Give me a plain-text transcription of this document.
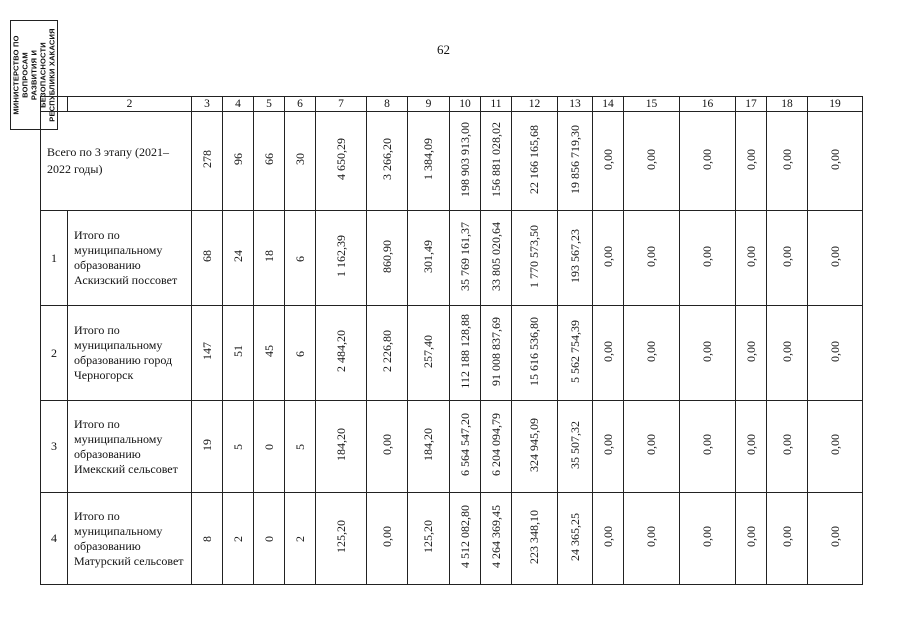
62
МИНИСТЕРСТВО ПО ВОПРОСАМ РАЗВИТИЯ И БЕЗОПАСНОСТИ РЕСПУБЛИКИ ХАКАСИЯ
		2	3	4	5	6	7	8	9	10	11	12	13	14	15	16	17	18	19
Всего по 3 этапу (2021–2022 годы)		278	96	66	30	4 650,29	3 266,20	1 384,09	198 903 913,00	156 881 028,02	22 166 165,68	19 856 719,30	0,00	0,00	0,00	0,00	0,00	0,00
1	Итого по муниципальному образованию Аскизский поссовет	68	24	18	6	1 162,39	860,90	301,49	35 769 161,37	33 805 020,64	1 770 573,50	193 567,23	0,00	0,00	0,00	0,00	0,00	0,00
2	Итого по муниципальному образованию город Черногорск	147	51	45	6	2 484,20	2 226,80	257,40	112 188 128,88	91 008 837,69	15 616 536,80	5 562 754,39	0,00	0,00	0,00	0,00	0,00	0,00
3	Итого по муниципальному образованию Имекский сельсовет	19	5	0	5	184,20	0,00	184,20	6 564 547,20	6 204 094,79	324 945,09	35 507,32	0,00	0,00	0,00	0,00	0,00	0,00
4	Итого по муниципальному образованию Матурский сельсовет	8	2	0	2	125,20	0,00	125,20	4 512 082,80	4 264 369,45	223 348,10	24 365,25	0,00	0,00	0,00	0,00	0,00	0,00
